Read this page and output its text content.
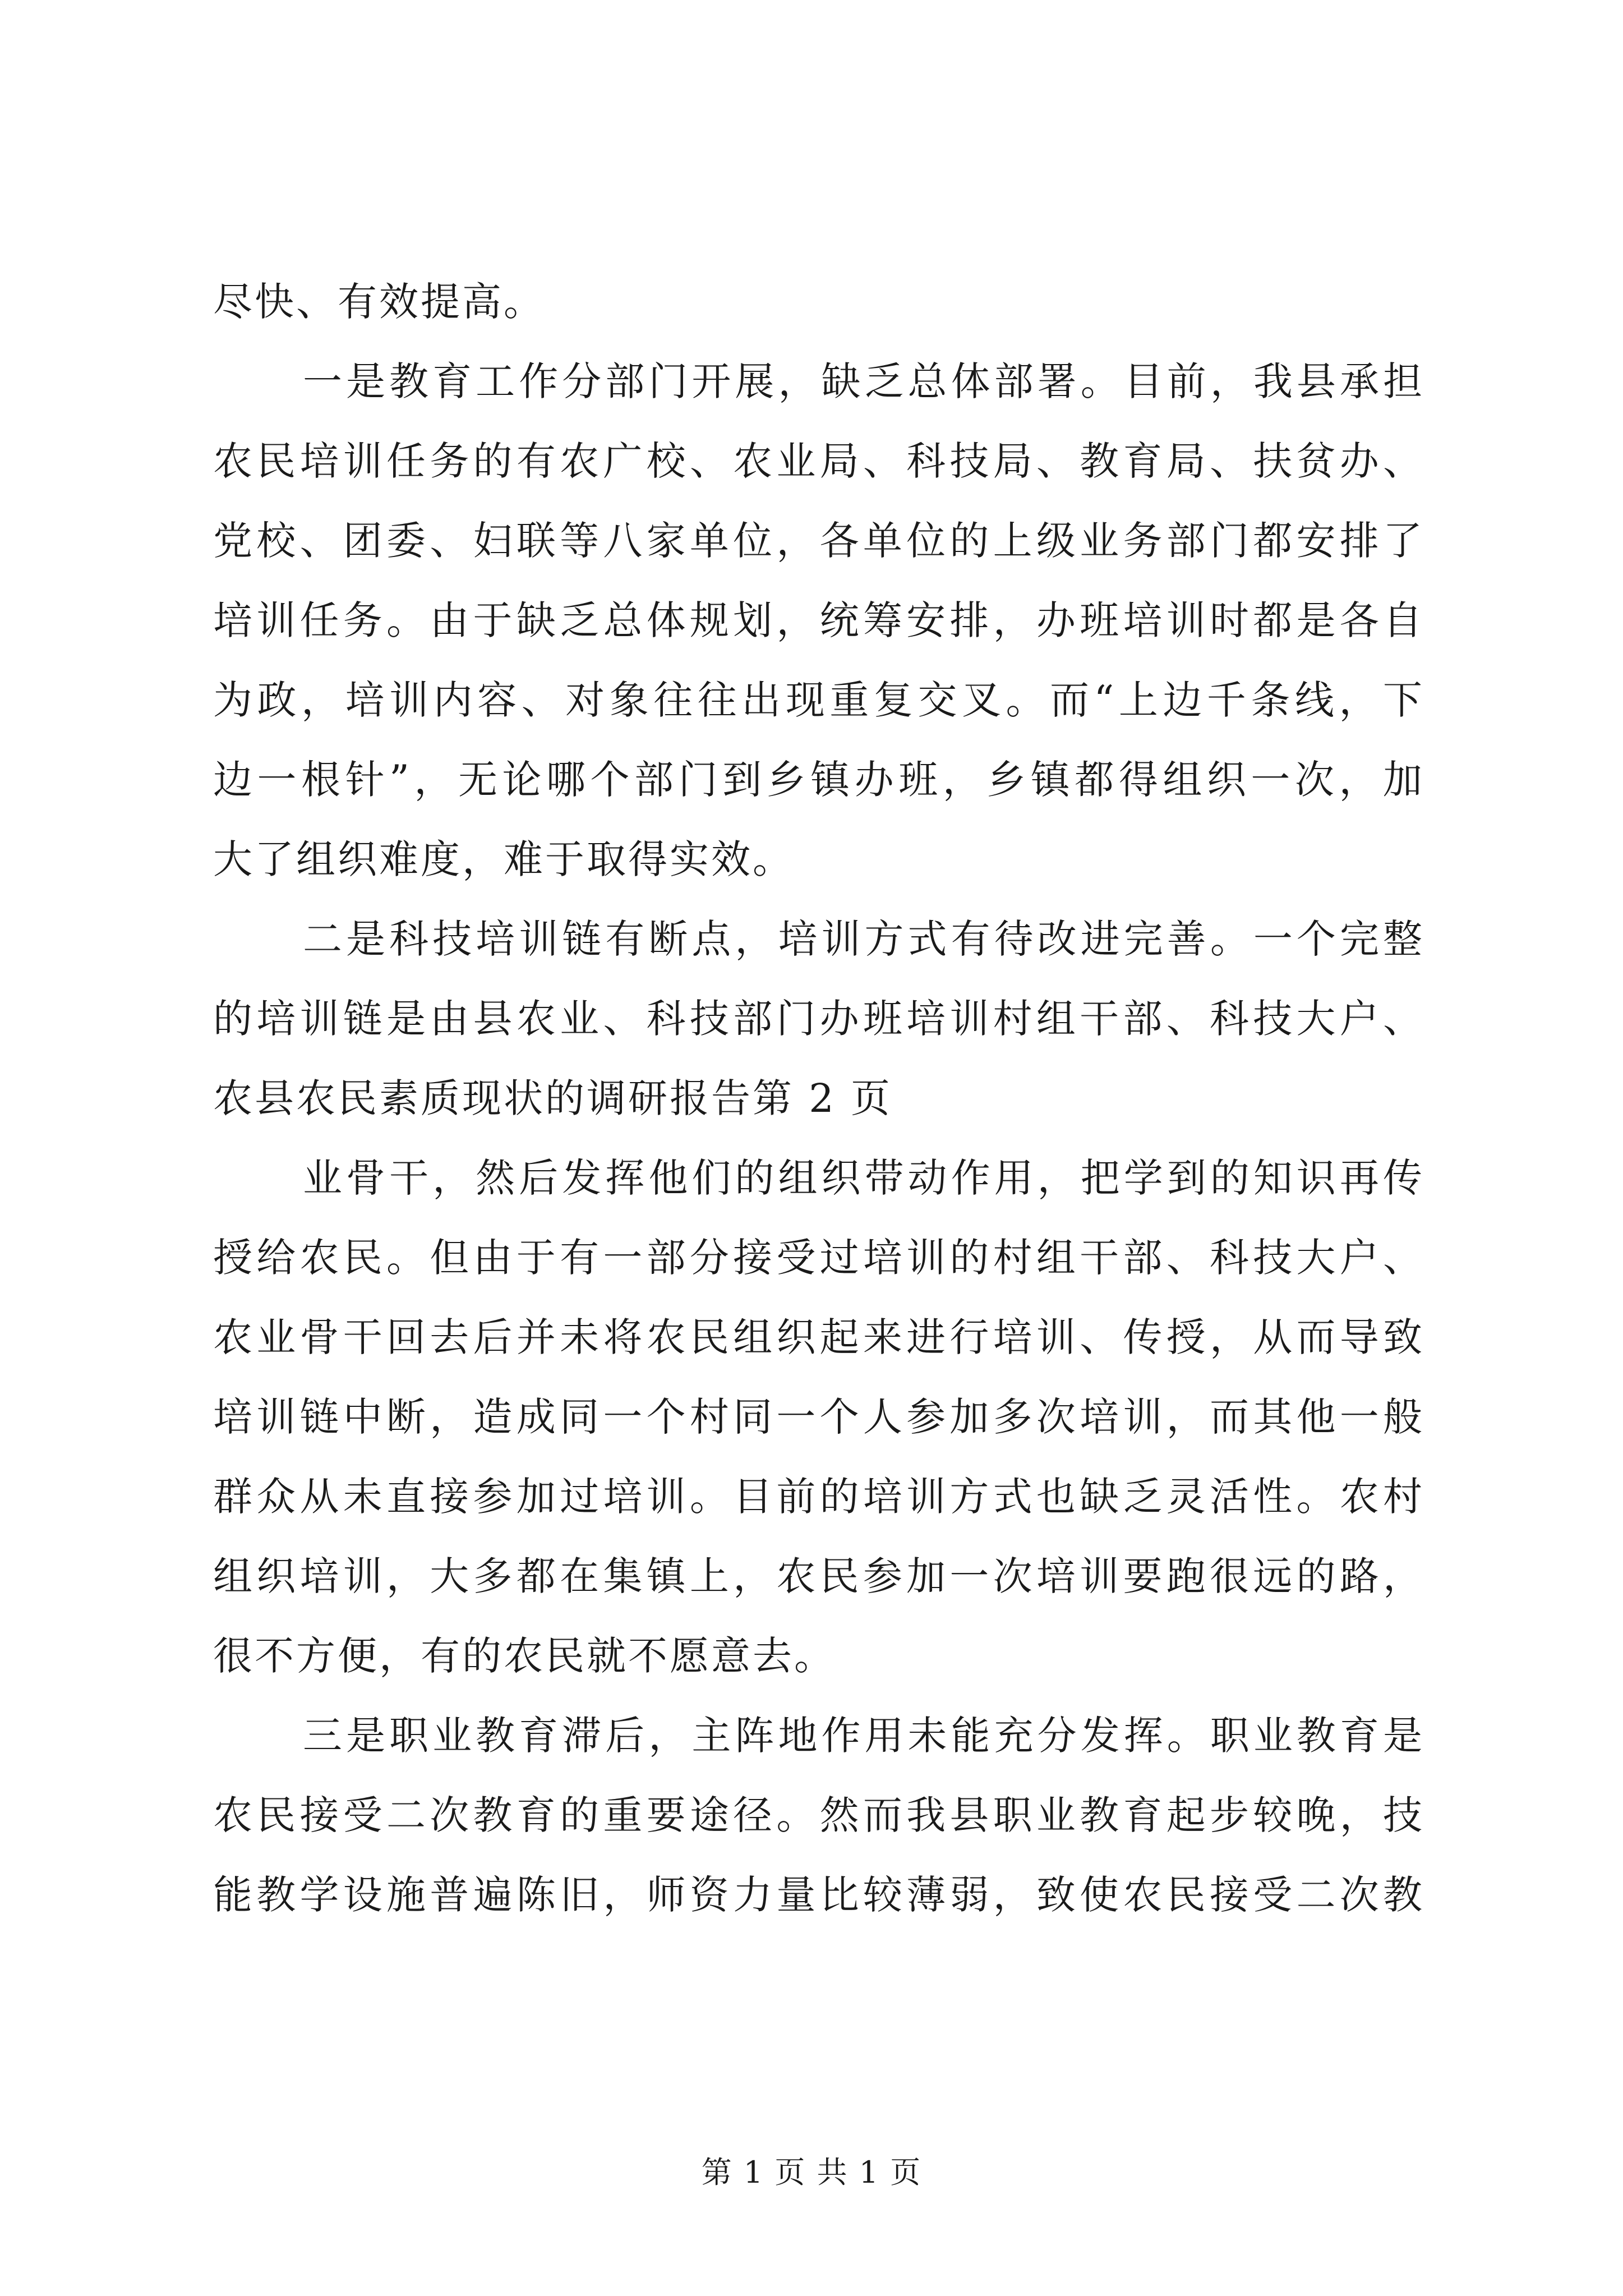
尽快、有效提高。
一是教育工作分部门开展，缺乏总体部署。目前，我县承担
农民培训任务的有农广校、农业局、科技局、教育局、扶贫办、
党校、团委、妇联等八家单位，各单位的上级业务部门都安排了
培训任务。由于缺乏总体规划，统筹安排，办班培训时都是各自
为政，培训内容、对象往往出现重复交叉。而“上边千条线，下
边一根针”，无论哪个部门到乡镇办班，乡镇都得组织一次，加
大了组织难度，难于取得实效。
二是科技培训链有断点，培训方式有待改进完善。一个完整
的培训链是由县农业、科技部门办班培训村组干部、科技大户、
农县农民素质现状的调研报告第 2 页
业骨干，然后发挥他们的组织带动作用，把学到的知识再传
授给农民。但由于有一部分接受过培训的村组干部、科技大户、
农业骨干回去后并未将农民组织起来进行培训、传授，从而导致
培训链中断，造成同一个村同一个人参加多次培训，而其他一般
群众从未直接参加过培训。目前的培训方式也缺乏灵活性。农村
组织培训，大多都在集镇上，农民参加一次培训要跑很远的路，
很不方便，有的农民就不愿意去。
三是职业教育滞后，主阵地作用未能充分发挥。职业教育是
农民接受二次教育的重要途径。然而我县职业教育起步较晚，技
能教学设施普遍陈旧，师资力量比较薄弱，致使农民接受二次教
第 1 页 共 1 页
